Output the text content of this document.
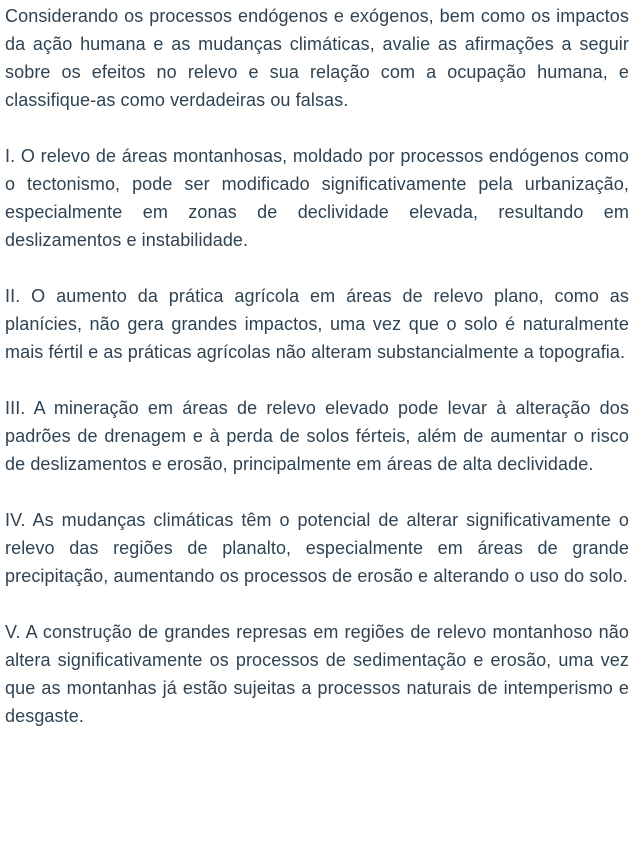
Considerando os processos endógenos e exógenos, bem como os impactos da ação humana e as mudanças climáticas, avalie as afirmações a seguir sobre os efeitos no relevo e sua relação com a ocupação humana, e classifique-as como verdadeiras ou falsas.

I. O relevo de áreas montanhosas, moldado por processos endógenos como o tectonismo, pode ser modificado significativamente pela urbanização, especialmente em zonas de declividade elevada, resultando em deslizamentos e instabilidade.

II. O aumento da prática agrícola em áreas de relevo plano, como as planícies, não gera grandes impactos, uma vez que o solo é naturalmente mais fértil e as práticas agrícolas não alteram substancialmente a topografia.

III. A mineração em áreas de relevo elevado pode levar à alteração dos padrões de drenagem e à perda de solos férteis, além de aumentar o risco de deslizamentos e erosão, principalmente em áreas de alta declividade.

IV. As mudanças climáticas têm o potencial de alterar significativamente o relevo das regiões de planalto, especialmente em áreas de grande precipitação, aumentando os processos de erosão e alterando o uso do solo.

V. A construção de grandes represas em regiões de relevo montanhoso não altera significativamente os processos de sedimentação e erosão, uma vez que as montanhas já estão sujeitas a processos naturais de intemperismo e desgaste.
